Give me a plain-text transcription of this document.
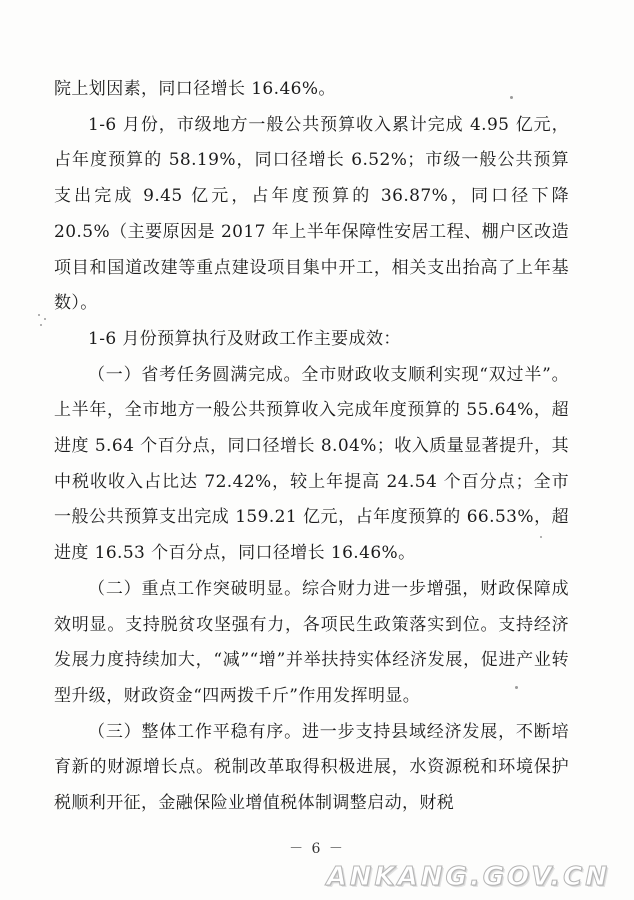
院上划因素，同口径增长 16.46%。

1-6 月份，市级地方一般公共预算收入累计完成 4.95 亿元，占年度预算的 58.19%，同口径增长 6.52%；市级一般公共预算支出完成 9.45 亿元，占年度预算的 36.87%，同口径下降 20.5%（主要原因是 2017 年上半年保障性安居工程、棚户区改造项目和国道改建等重点建设项目集中开工，相关支出抬高了上年基数）。

1-6 月份预算执行及财政工作主要成效：

（一）省考任务圆满完成。全市财政收支顺利实现“双过半”。上半年，全市地方一般公共预算收入完成年度预算的 55.64%，超进度 5.64 个百分点，同口径增长 8.04%；收入质量显著提升，其中税收收入占比达 72.42%，较上年提高 24.54 个百分点；全市一般公共预算支出完成 159.21 亿元，占年度预算的 66.53%，超进度 16.53 个百分点，同口径增长 16.46%。

（二）重点工作突破明显。综合财力进一步增强，财政保障成效明显。支持脱贫攻坚强有力，各项民生政策落实到位。支持经济发展力度持续加大，“减”“增”并举扶持实体经济发展，促进产业转型升级，财政资金“四两拨千斤”作用发挥明显。

（三）整体工作平稳有序。进一步支持县域经济发展，不断培育新的财源增长点。税制改革取得积极进展，水资源税和环境保护税顺利开征，金融保险业增值税体制调整启动，财税

－ 6 －
ANKANG.GOV.CN
